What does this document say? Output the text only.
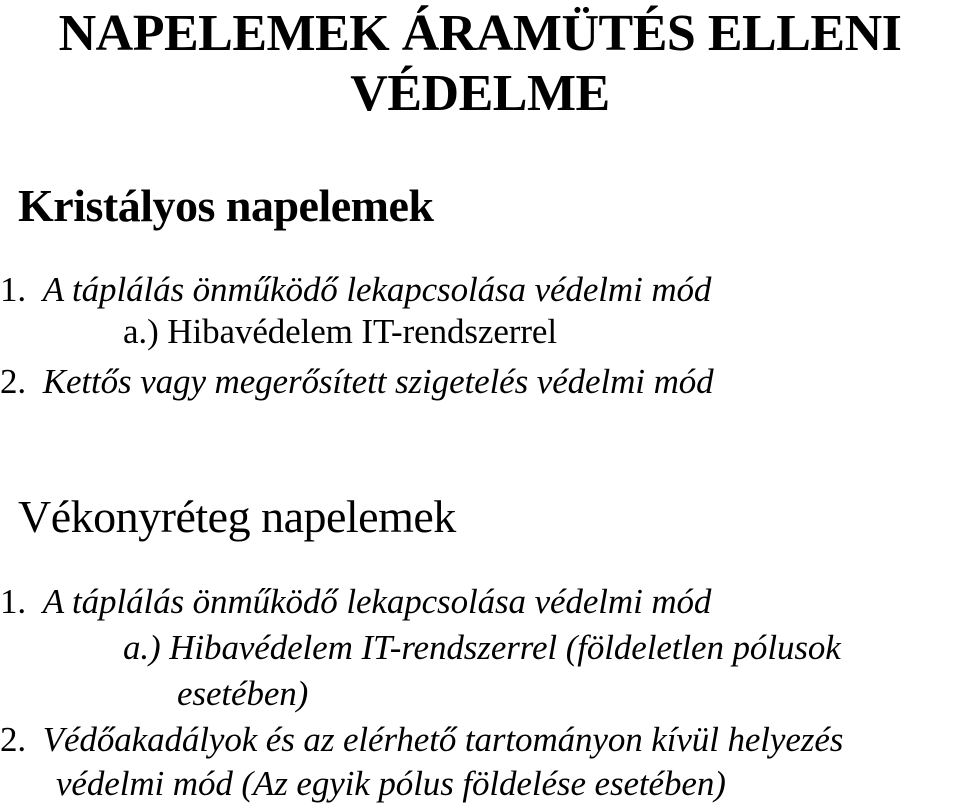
NAPELEMEK ÁRAMÜTÉS ELLENI
VÉDELME
Kristályos napelemek
1. A táplálás önműködő lekapcsolása védelmi mód
a.) Hibavédelem IT-rendszerrel
2. Kettős vagy megerősített szigetelés védelmi mód
Vékonyréteg napelemek
1. A táplálás önműködő lekapcsolása védelmi mód
a.) Hibavédelem IT-rendszerrel (földeletlen pólusok
esetében)
2. Védőakadályok és az elérhető tartományon kívül helyezés
védelmi mód (Az egyik pólus földelése esetében)
